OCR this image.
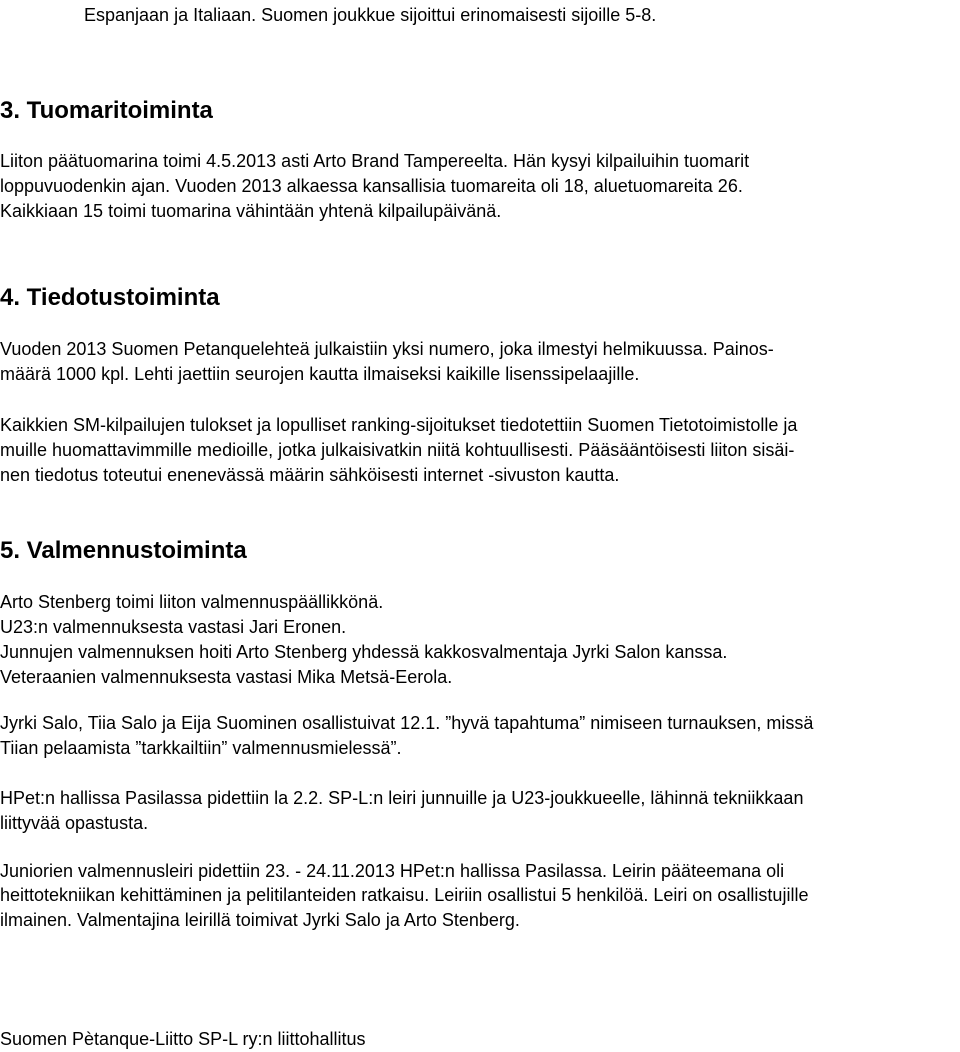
Espanjaan ja Italiaan. Suomen joukkue sijoittui erinomaisesti sijoille 5-8.

3. Tuomaritoiminta

Liiton päätuomarina toimi 4.5.2013 asti Arto Brand Tampereelta. Hän kysyi kilpailuihin tuomarit

loppuvuodenkin ajan. Vuoden 2013 alkaessa kansallisia tuomareita oli 18, aluetuomareita 26.

Kaikkiaan 15 toimi tuomarina vähintään yhtenä kilpailupäivänä.

4. Tiedotustoiminta

Vuoden 2013 Suomen Petanquelehteä julkaistiin yksi numero, joka ilmestyi helmikuussa. Painos-

määrä 1000 kpl. Lehti jaettiin seurojen kautta ilmaiseksi kaikille lisenssipelaajille.

Kaikkien SM-kilpailujen tulokset ja lopulliset ranking-sijoitukset tiedotettiin Suomen Tietotoimistolle ja

muille huomattavimmille medioille, jotka julkaisivatkin niitä kohtuullisesti. Pääsääntöisesti liiton sisäi-

nen tiedotus toteutui enenevässä määrin sähköisesti internet -sivuston kautta.

5. Valmennustoiminta

Arto Stenberg toimi liiton valmennuspäällikkönä.

U23:n valmennuksesta vastasi Jari Eronen.

Junnujen valmennuksen hoiti Arto Stenberg yhdessä kakkosvalmentaja Jyrki Salon kanssa.

Veteraanien valmennuksesta vastasi Mika Metsä-Eerola.

Jyrki Salo, Tiia Salo ja Eija Suominen osallistuivat 12.1. ”hyvä tapahtuma” nimiseen turnauksen, missä

Tiian pelaamista ”tarkkailtiin” valmennusmielessä”.

HPet:n hallissa Pasilassa pidettiin la 2.2. SP-L:n leiri junnuille ja U23-joukkueelle, lähinnä tekniikkaan

liittyvää opastusta.

Juniorien valmennusleiri pidettiin 23. - 24.11.2013 HPet:n hallissa Pasilassa. Leirin pääteemana oli

heittotekniikan kehittäminen ja pelitilanteiden ratkaisu. Leiriin osallistui 5 henkilöä. Leiri on osallistujille

ilmainen. Valmentajina leirillä toimivat Jyrki Salo ja Arto Stenberg.

Suomen Pètanque-Liitto SP-L ry:n liittohallitus
